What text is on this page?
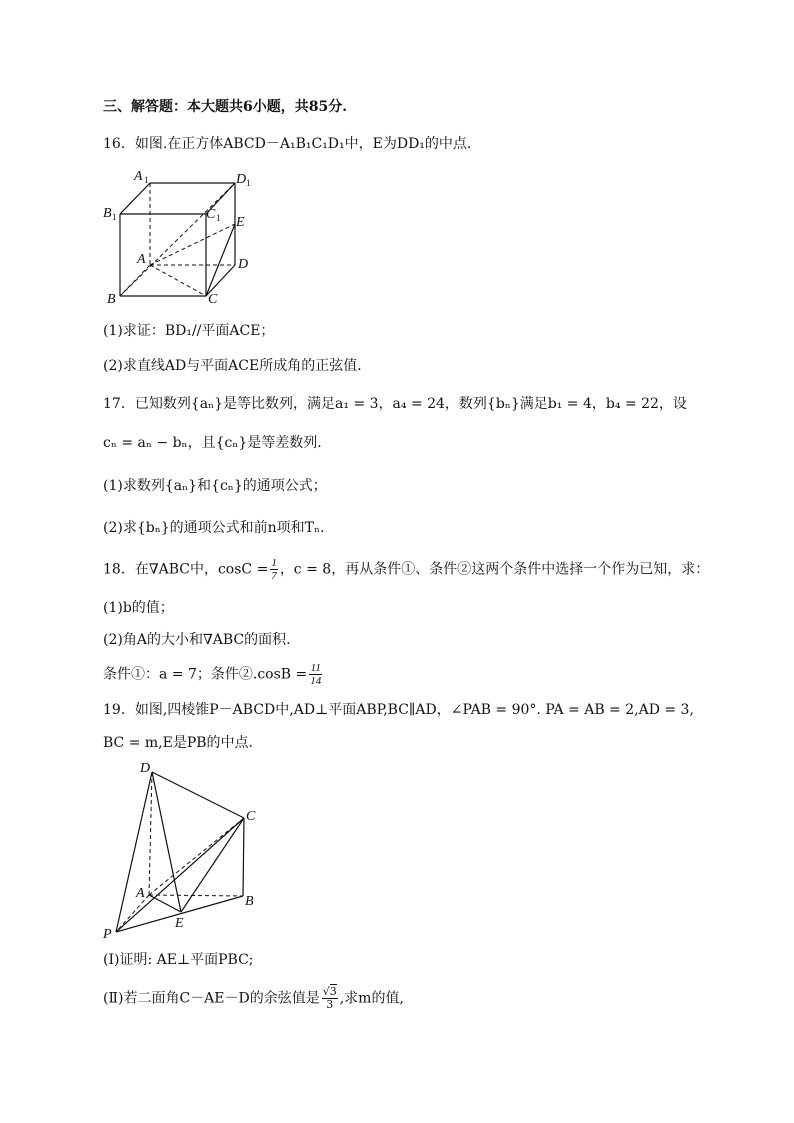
三、解答题：本大题共6小题，共85分.
16．如图.在正方体ABCD－A₁B₁C₁D₁中，E为DD₁的中点．
A 1	D 1
B 1	C 1 E
A	D
B	C
(1)求证：BD₁//平面ACE；
(2)求直线AD与平面ACE所成角的正弦值．
17．已知数列{aₙ}是等比数列，满足a₁ = 3，a₄ = 24，数列{bₙ}满足b₁ = 4，b₄ = 22，设
cₙ = aₙ − bₙ，且{cₙ}是等差数列.
(1)求数列{aₙ}和{cₙ}的通项公式；
(2)求{bₙ}的通项公式和前n项和Tₙ．
18．在∇ABC中，$\cos C = \frac{1}{7}$ ，c = 8，再从条件①、条件②这两个条件中选择一个作为已知，求：
(1)b的值；
(2)角A的大小和∇ABC的面积.
条件①：a = 7；条件②.cosB = $\frac{11}{14}$
19．如图,四棱锥P－ABCD中,AD⊥平面ABP,BC∥AD，∠PAB = 90°. PA = AB = 2,AD = 3,
BC = m,E是PB的中点.
D
C
A
B
E
P
(Ⅰ)证明: AE⊥平面PBC;
(Ⅱ)若二面角C－AE－D的余弦值是 $\frac{√3}{3}$ ,求m的值,
